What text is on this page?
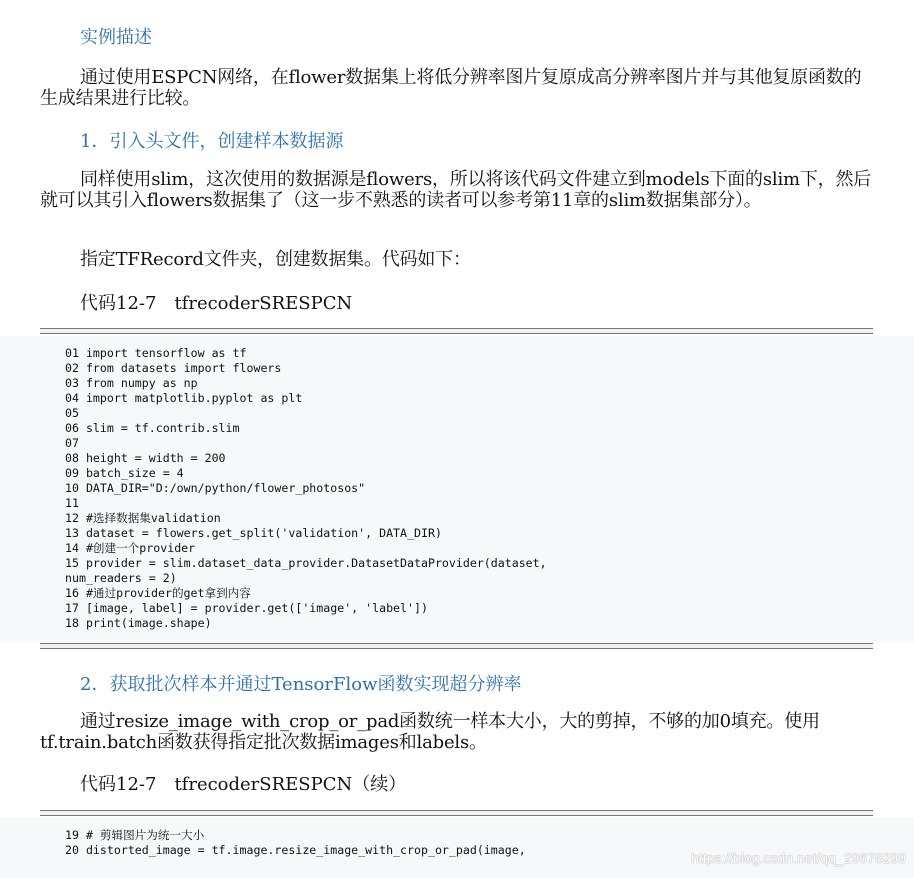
实例描述
通过使用ESPCN网络，在flower数据集上将低分辨率图片复原成高分辨率图片并与其他复原函数的生成结果进行比较。
1．引入头文件，创建样本数据源
同样使用slim，这次使用的数据源是flowers，所以将该代码文件建立到models下面的slim下，然后就可以其引入flowers数据集了（这一步不熟悉的读者可以参考第11章的slim数据集部分）。
指定TFRecord文件夹，创建数据集。代码如下：
代码12-7　tfrecoderSRESPCN
01 import tensorflow as tf
02 from datasets import flowers
03 from numpy as np
04 import matplotlib.pyplot as plt
05
06 slim = tf.contrib.slim
07
08 height = width = 200
09 batch_size = 4
10 DATA_DIR="D:/own/python/flower_photosos"
11
12 #选择数据集validation
13 dataset = flowers.get_split('validation', DATA_DIR)
14 #创建一个provider
15 provider = slim.dataset_data_provider.DatasetDataProvider(dataset,
num_readers = 2)
16 #通过provider的get拿到内容
17 [image, label] = provider.get(['image', 'label'])
18 print(image.shape)
2．获取批次样本并通过TensorFlow函数实现超分辨率
通过resize_image_with_crop_or_pad函数统一样本大小，大的剪掉，不够的加0填充。使用tf.train.batch函数获得指定批次数据images和labels。
代码12-7　tfrecoderSRESPCN（续）
19 # 剪辑图片为统一大小
20 distorted_image = tf.image.resize_image_with_crop_or_pad(image,	https://blog.csdn.net/qq_29678299
